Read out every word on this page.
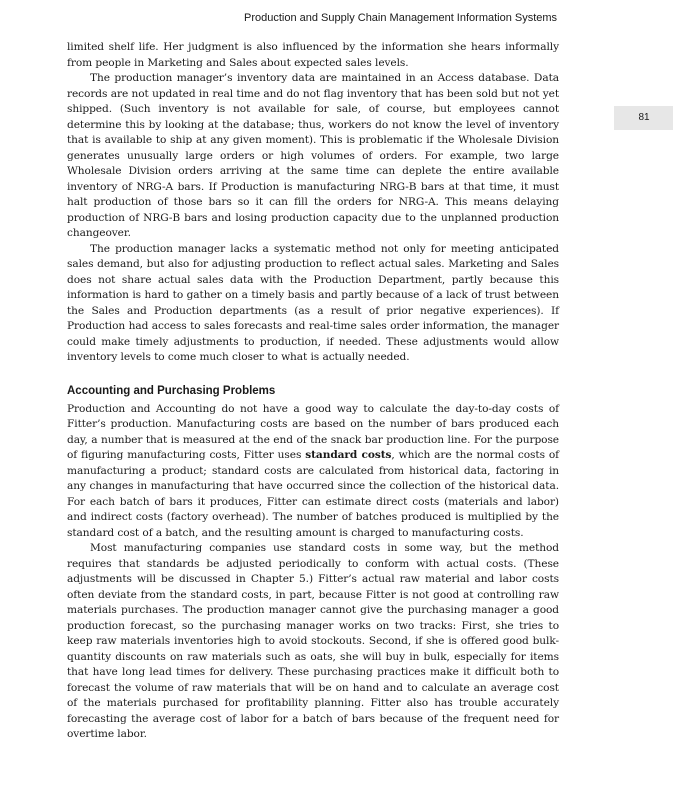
Production and Supply Chain Management Information Systems
81

limited shelf life. Her judgment is also influenced by the information she hears informally from people in Marketing and Sales about expected sales levels.

The production manager’s inventory data are maintained in an Access database. Data records are not updated in real time and do not flag inventory that has been sold but not yet shipped. (Such inventory is not available for sale, of course, but employees cannot determine this by looking at the database; thus, workers do not know the level of inventory that is available to ship at any given moment). This is problematic if the Wholesale Division generates unusually large orders or high volumes of orders. For example, two large Wholesale Division orders arriving at the same time can deplete the entire available inventory of NRG-A bars. If Production is manufacturing NRG-B bars at that time, it must halt production of those bars so it can fill the orders for NRG-A. This means delaying production of NRG-B bars and losing production capacity due to the unplanned production changeover.

The production manager lacks a systematic method not only for meeting anticipated sales demand, but also for adjusting production to reflect actual sales. Marketing and Sales does not share actual sales data with the Production Department, partly because this information is hard to gather on a timely basis and partly because of a lack of trust between the Sales and Production departments (as a result of prior negative experiences). If Production had access to sales forecasts and real-time sales order information, the manager could make timely adjustments to production, if needed. These adjustments would allow inventory levels to come much closer to what is actually needed.

Accounting and Purchasing Problems

Production and Accounting do not have a good way to calculate the day-to-day costs of Fitter’s production. Manufacturing costs are based on the number of bars produced each day, a number that is measured at the end of the snack bar production line. For the purpose of figuring manufacturing costs, Fitter uses standard costs, which are the normal costs of manufacturing a product; standard costs are calculated from historical data, factoring in any changes in manufacturing that have occurred since the collection of the historical data. For each batch of bars it produces, Fitter can estimate direct costs (materials and labor) and indirect costs (factory overhead). The number of batches produced is multiplied by the standard cost of a batch, and the resulting amount is charged to manufacturing costs.

Most manufacturing companies use standard costs in some way, but the method requires that standards be adjusted periodically to conform with actual costs. (These adjustments will be discussed in Chapter 5.) Fitter’s actual raw material and labor costs often deviate from the standard costs, in part, because Fitter is not good at controlling raw materials purchases. The production manager cannot give the purchasing manager a good production forecast, so the purchasing manager works on two tracks: First, she tries to keep raw materials inventories high to avoid stockouts. Second, if she is offered good bulk-quantity discounts on raw materials such as oats, she will buy in bulk, especially for items that have long lead times for delivery. These purchasing practices make it difficult both to forecast the volume of raw materials that will be on hand and to calculate an average cost of the materials purchased for profitability planning. Fitter also has trouble accurately forecasting the average cost of labor for a batch of bars because of the frequent need for overtime labor.
